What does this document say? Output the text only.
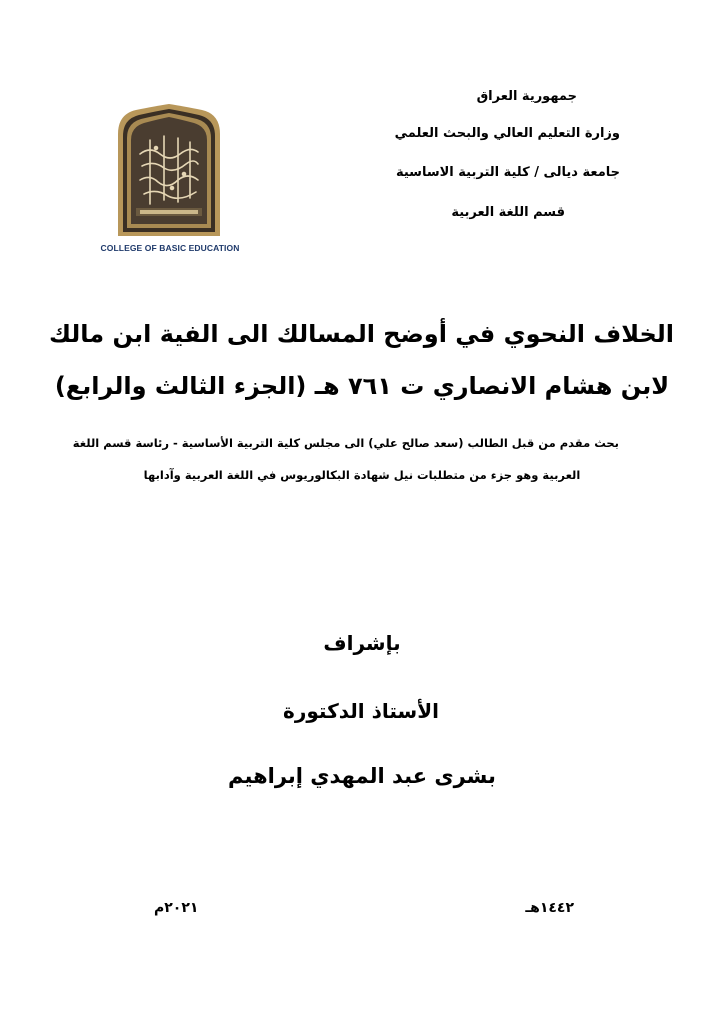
جمهورية العراق
وزارة التعليم العالي والبحث العلمي
جامعة ديالى / كلية التربية الاساسية
قسم اللغة العربية
COLLEGE OF BASIC EDUCATION
الخلاف النحوي في أوضح المسالك الى الفية ابن مالك
لابن هشام الانصاري ت ٧٦١ هـ (الجزء الثالث والرابع)
بحث مقدم من قبل الطالب (سعد صالح علي) الى مجلس كلية التربية الأساسية - رئاسة قسم اللغة
العربية وهو جزء من متطلبات نيل شهادة البكالوريوس في اللغة العربية وآدابها
بإشراف
الأستاذ الدكتورة
بشرى عبد المهدي إبراهيم
١٤٤٢هـ
٢٠٢١م
